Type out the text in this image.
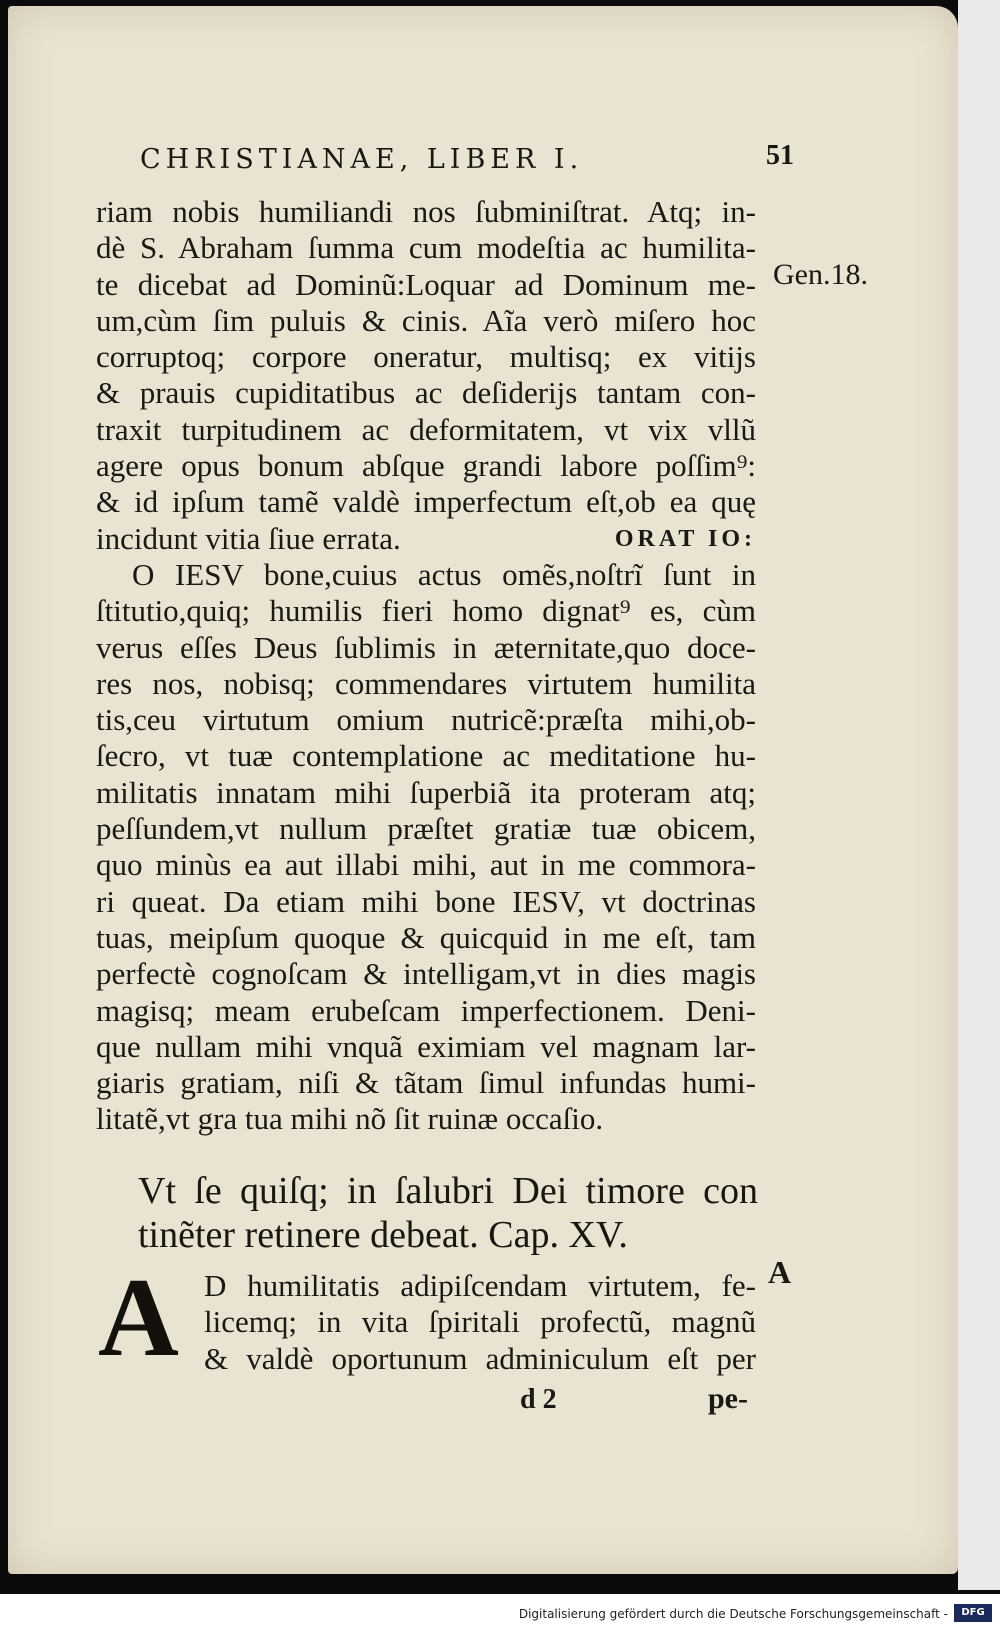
CHRISTIANAE, LIBER I.	51
Gen.18.
riam nobis humiliandi nos ſubminiſtrat. Atq; in-
dè S. Abraham ſumma cum modeſtia ac humilita-
te dicebat ad Dominũ:Loquar ad Dominum me-
um,cùm ſim puluis & cinis. Aĩa verò miſero hoc
corruptoq; corpore oneratur, multisq; ex vitijs
& prauis cupiditatibus ac deſiderijs tantam con-
traxit turpitudinem ac deformitatem, vt vix vllũ
agere opus bonum abſque grandi labore poſſim⁹:
& id ipſum tamẽ valdè imperfectum eſt,ob ea quę
incidunt vitia ſiue errata.	ORAT IO:
O IESV bone,cuius actus omẽs,noſtrĩ ſunt in
ſtitutio,quiq; humilis fieri homo dignat⁹ es, cùm
verus eſſes Deus ſublimis in æternitate,quo doce-
res nos, nobisq; commendares virtutem humilita
tis,ceu virtutum omium nutricẽ:præſta mihi,ob-
ſecro, vt tuæ contemplatione ac meditatione hu-
militatis innatam mihi ſuperbiã ita proteram atq;
peſſundem,vt nullum præſtet gratiæ tuæ obicem,
quo minùs ea aut illabi mihi, aut in me commora-
ri queat. Da etiam mihi bone IESV, vt doctrinas
tuas, meipſum quoque & quicquid in me eſt, tam
perfectè cognoſcam & intelligam,vt in dies magis
magisq; meam erubeſcam imperfectionem. Deni-
que nullam mihi vnquã eximiam vel magnam lar-
giaris gratiam, niſi & tãtam ſimul infundas humi-
litatẽ,vt gra tua mihi nõ ſit ruinæ occaſio.
Vt ſe quiſq; in ſalubri Dei timore con
tinẽter retinere debeat. Cap. XV.
A D humilitatis adipiſcendam virtutem, fe-
licemq; in vita ſpiritali profectũ, magnũ
& valdè oportunum adminiculum eſt per
A
d 2	pe-
Digitalisierung gefördert durch die Deutsche Forschungsgemeinschaft -	DFG
